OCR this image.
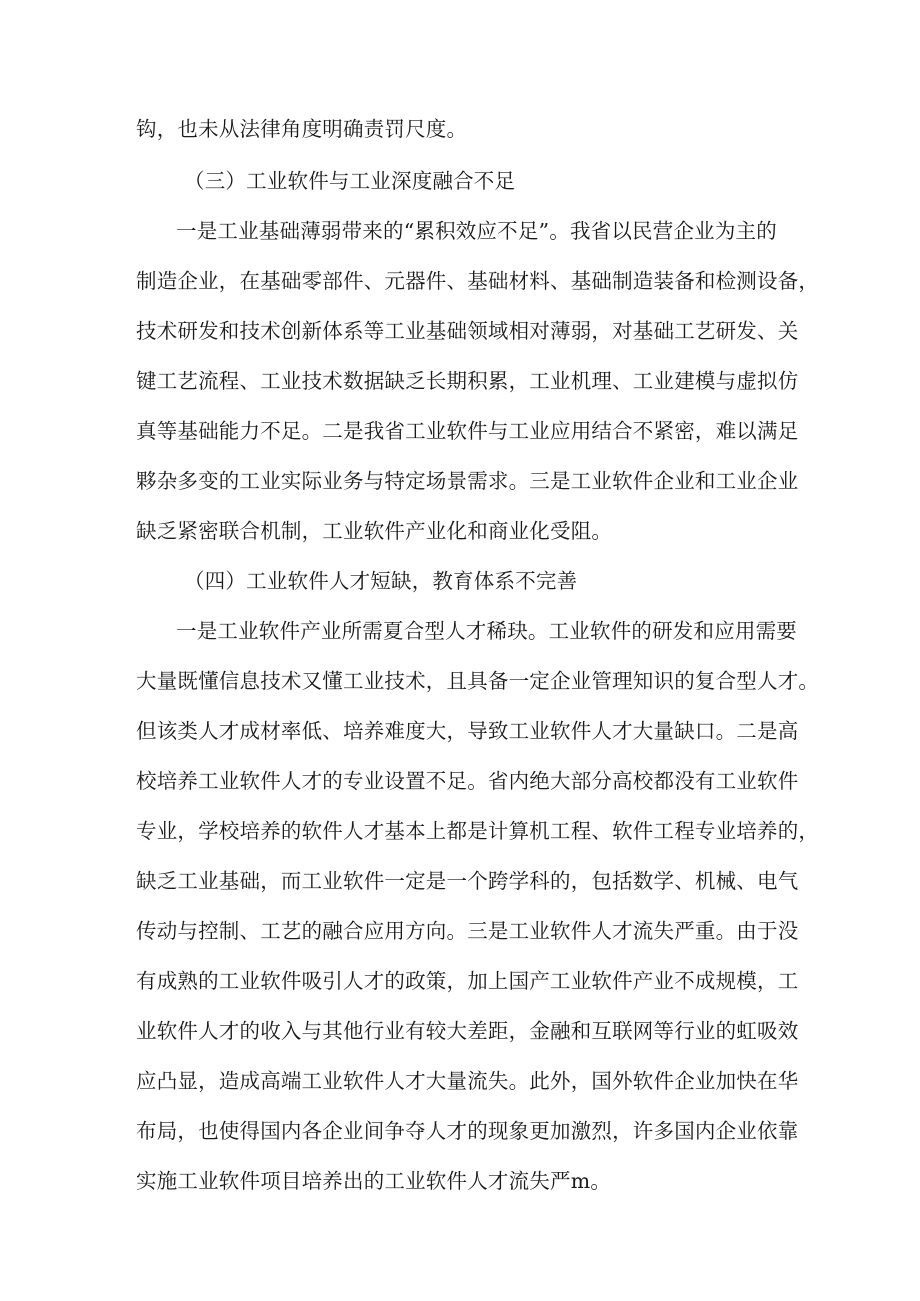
钩，也未从法律角度明确责罚尺度。
（三）工业软件与工业深度融合不足
一是工业基础薄弱带来的“累积效应不足”。我省以民营企业为主的
制造企业，在基础零部件、元器件、基础材料、基础制造装备和检测设备，
技术研发和技术创新体系等工业基础领域相对薄弱，对基础工艺研发、关
键工艺流程、工业技术数据缺乏长期积累，工业机理、工业建模与虚拟仿
真等基础能力不足。二是我省工业软件与工业应用结合不紧密，难以满足
夥杂多变的工业实际业务与特定场景需求。三是工业软件企业和工业企业
缺乏紧密联合机制，工业软件产业化和商业化受阻。
（四）工业软件人才短缺，教育体系不完善
一是工业软件产业所需夏合型人才稀玦。工业软件的研发和应用需要
大量既懂信息技术又懂工业技术，且具备一定企业管理知识的复合型人才。
但该类人才成材率低、培养难度大，导致工业软件人才大量缺口。二是高
校培养工业软件人才的专业设置不足。省内绝大部分高校都没有工业软件
专业，学校培养的软件人才基本上都是计算机工程、软件工程专业培养的，
缺乏工业基础，而工业软件一定是一个跨学科的，包括数学、机械、电气
传动与控制、工艺的融合应用方向。三是工业软件人才流失严重。由于没
有成熟的工业软件吸引人才的政策，加上国产工业软件产业不成规模，工
业软件人才的收入与其他行业有较大差距，金融和互联网等行业的虹吸效
应凸显，造成高端工业软件人才大量流失。此外，国外软件企业加快在华
布局，也使得国内各企业间争夺人才的现象更加激烈，许多国内企业依靠
实施工业软件项目培养出的工业软件人才流失严m。
